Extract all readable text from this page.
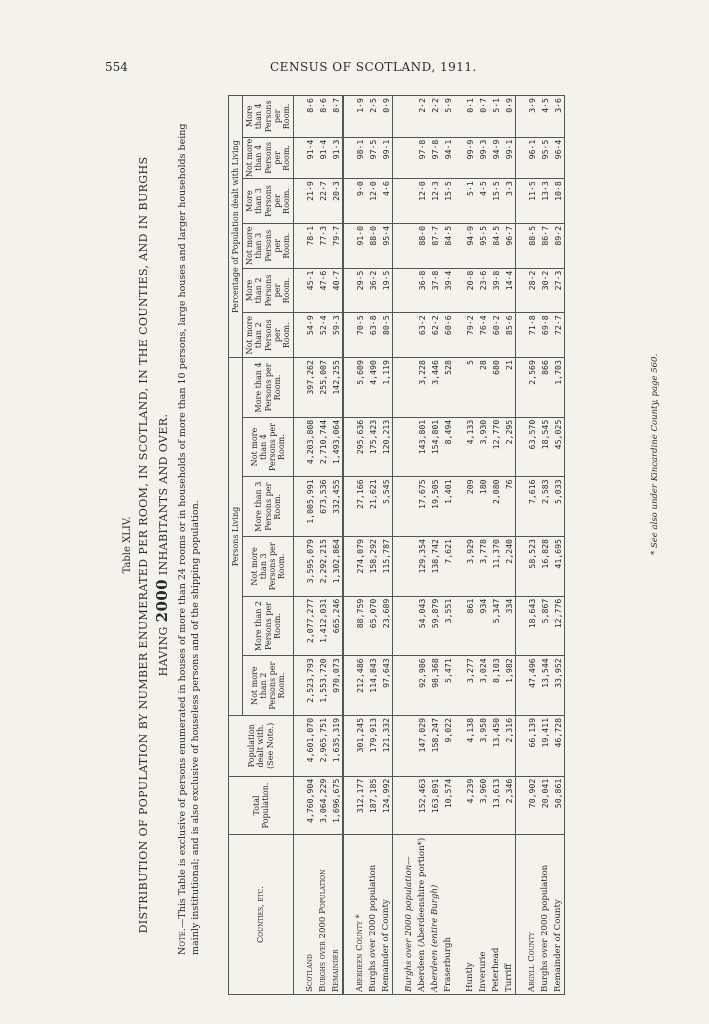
554	CENSUS OF SCOTLAND, 1911.
Table XLIV. DISTRIBUTION OF POPULATION BY NUMBER ENUMERATED PER ROOM, IN SCOTLAND, IN THE COUNTIES, AND IN BURGHS HAVING 2000 INHABITANTS AND OVER.
Note.—This Table is exclusive of persons enumerated in houses of more than 24 rooms or in households of more than 10 persons, large houses and larger households being mainly institutional; and is also exclusive of houseless persons and of the shipping population.	Counties, etc.	Total Population.	Population dealt with. (See Note.)	Persons Living						Percentage of Population dealt with Living					
			Not more than 2 Persons per Room.	More than 2 Persons per Room.	Not more than 3 Persons per Room.	More than 3 Persons per Room.	Not more than 4 Persons per Room.	More than 4 Persons per Room.	Not more than 2 Persons per Room.	More than 2 Persons per Room.	Not more than 3 Persons per Room.	More than 3 Persons per Room.	Not more than 4 Persons per Room.	More than 4 Persons per Room.

Scotland	4,760,904	4,601,070	2,523,793	2,077,277	3,595,079	1,005,991	4,203,808	397,262	54·9	45·1	78·1	21·9	91·4	8·6
Burghs over 2000 Population	3,064,229	2,965,751	1,553,720	1,412,031	2,292,215	673,536	2,710,744	255,007	52·4	47·6	77·3	22·7	91·4	8·6
Remainder	1,696,675	1,635,319	970,073	665,246	1,302,864	332,455	1,493,064	142,255	59·3	40·7	79·7	20·3	91·3	8·7

Aberdeen County *	312,177	301,245	212,486	88,759	274,079	27,166	295,636	5,609	70·5	29·5	91·0	9·0	98·1	1·9
Burghs over 2000 population	187,185	179,913	114,843	65,070	158,292	21,621	175,423	4,490	63·8	36·2	88·0	12·0	97·5	2·5
Remainder of County	124,992	121,332	97,643	23,689	115,787	5,545	120,213	1,119	80·5	19·5	95·4	4·6	99·1	0·9

Burghs over 2000 population—														
Aberdeen (Aberdeenshire portion*)	152,463	147,029	92,986	54,043	129,354	17,675	143,801	3,228	63·2	36·8	88·0	12·0	97·8	2·2
Aberdeen (entire Burgh)	163,891	158,247	98,368	59,879	138,742	19,505	154,801	3,446	62·2	37·8	87·7	12·3	97·8	2·2
Fraserburgh	10,574	9,022	5,471	3,551	7,621	1,401	8,494	528	60·6	39·4	84·5	15·5	94·1	5·9

Huntly	4,239	4,138	3,277	861	3,929	209	4,133	5	79·2	20·8	94·9	5·1	99·9	0·1
Inverurie	3,960	3,958	3,024	934	3,778	180	3,930	28	76·4	23·6	95·5	4·5	99·3	0·7
Peterhead	13,613	13,450	8,103	5,347	11,370	2,080	12,770	680	60·2	39·8	84·5	15·5	94·9	5·1
Turriff	2,346	2,316	1,982	334	2,240	76	2,295	21	85·6	14·4	96·7	3·3	99·1	0·9

Argyll County	70,902	66,139	47,496	18,643	58,523	7,616	63,570	2,569	71·8	28·2	88·5	11·5	96·1	3·9
Burghs over 2000 population	20,041	19,411	13,544	5,867	16,828	2,583	18,545	866	69·8	30·2	86·7	13·3	95·5	4·5
Remainder of County	50,861	46,728	33,952	12,776	41,695	5,033	45,025	1,703	72·7	27·3	89·2	10·8	96·4	3·6
* See also under Kincardine County, page 560.
